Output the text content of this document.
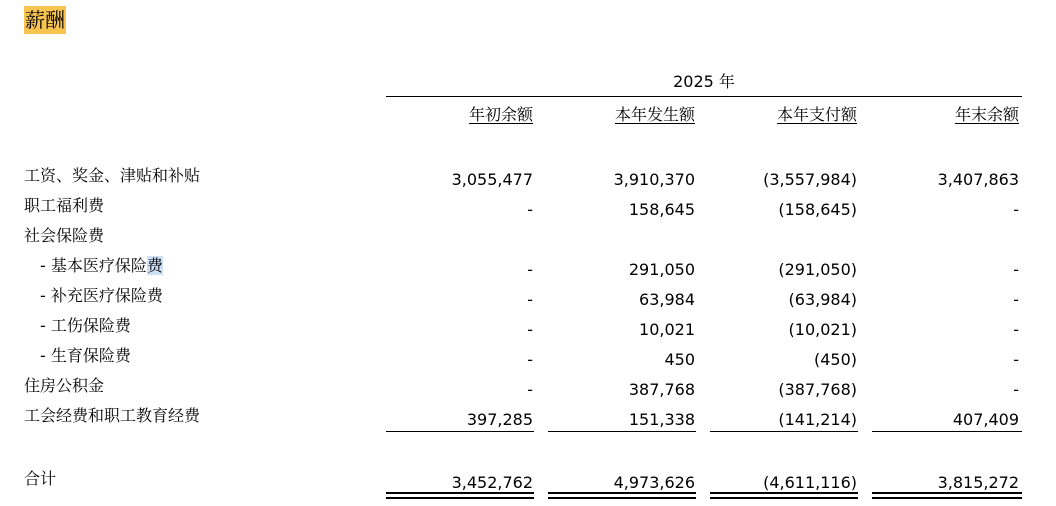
薪酬
2025 年
年初余额	本年发生额	本年支付额	年末余额
工资、奖金、津贴和补贴	3,055,477	3,910,370	(3,557,984)	3,407,863
职工福利费	-	158,645	(158,645)	-
社会保险费
- 基本医疗保险费	-	291,050	(291,050)	-
- 补充医疗保险费	-	63,984	(63,984)	-
- 工伤保险费	-	10,021	(10,021)	-
- 生育保险费	-	450	(450)	-
住房公积金	-	387,768	(387,768)	-
工会经费和职工教育经费	397,285	151,338	(141,214)	407,409
合计	3,452,762	4,973,626	(4,611,116)	3,815,272
